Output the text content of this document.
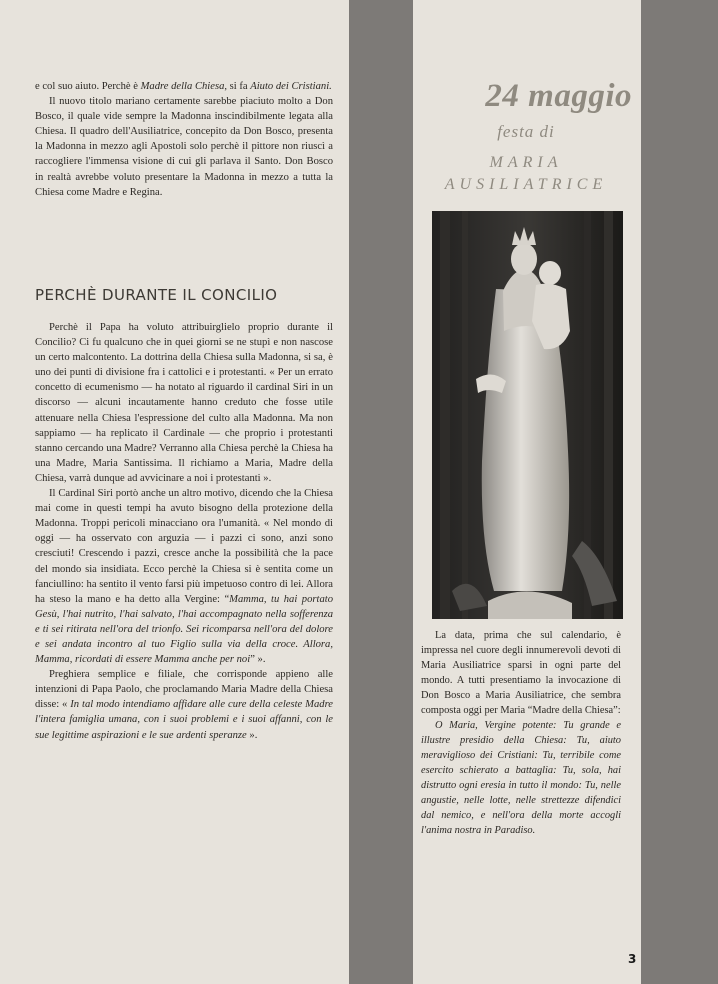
e col suo aiuto. Perchè è Madre della Chiesa, si fa Aiuto dei Cristiani.

Il nuovo titolo mariano certamente sarebbe piaciuto molto a Don Bosco, il quale vide sempre la Madonna inscindibilmente legata alla Chiesa. Il quadro dell'Ausiliatrice, concepito da Don Bosco, presenta la Madonna in mezzo agli Apostoli solo perchè il pittore non riuscì a raccogliere l'immensa visione di cui gli parlava il Santo. Don Bosco in realtà avrebbe voluto presentare la Madonna in mezzo a tutta la Chiesa come Madre e Regina.

PERCHÈ DURANTE IL CONCILIO

Perchè il Papa ha voluto attribuirglielo proprio durante il Concilio? Ci fu qualcuno che in quei giorni se ne stupì e non nascose un certo malcontento. La dottrina della Chiesa sulla Madonna, si sa, è uno dei punti di divisione fra i cattolici e i protestanti. « Per un errato concetto di ecumenismo — ha notato al riguardo il cardinal Siri in un discorso — alcuni incautamente hanno creduto che fosse utile attenuare nella Chiesa l'espressione del culto alla Madonna. Ma non sappiamo — ha replicato il Cardinale — che proprio i protestanti stanno cercando una Madre? Verranno alla Chiesa perchè la Chiesa ha una Madre, Maria Santissima. Il richiamo a Maria, Madre della Chiesa, varrà dunque ad avvicinare a noi i protestanti ».

Il Cardinal Siri portò anche un altro motivo, dicendo che la Chiesa mai come in questi tempi ha avuto bisogno della protezione della Madonna. Troppi pericoli minacciano ora l'umanità. « Nel mondo di oggi — ha osservato con arguzia — i pazzi ci sono, anzi sono cresciuti! Crescendo i pazzi, cresce anche la possibilità che la pace del mondo sia insidiata. Ecco perchè la Chiesa si è sentita come un fanciullino: ha sentito il vento farsi più impetuoso contro di lei. Allora ha steso la mano e ha detto alla Vergine: “Mamma, tu hai portato Gesù, l'hai nutrito, l'hai salvato, l'hai accompagnato nella sofferenza e ti sei ritirata nell'ora del trionfo. Sei ricomparsa nell'ora del dolore e sei andata incontro al tuo Figlio sulla via della croce. Allora, Mamma, ricordati di essere Mamma anche per noi” ».

Preghiera semplice e filiale, che corrisponde appieno alle intenzioni di Papa Paolo, che proclamando Maria Madre della Chiesa disse: « In tal modo intendiamo affidare alle cure della celeste Madre l'intera famiglia umana, con i suoi problemi e i suoi affanni, con le sue legittime aspirazioni e le sue ardenti speranze ».

24 maggio

festa di

MARIA
AUSILIATRICE

La data, prima che sul calendario, è impressa nel cuore degli innumerevoli devoti di Maria Ausiliatrice sparsi in ogni parte del mondo. A tutti presentiamo la invocazione di Don Bosco a Maria Ausiliatrice, che sembra composta oggi per Maria “Madre della Chiesa”:

O Maria, Vergine potente: Tu grande e illustre presidio della Chiesa: Tu, aiuto meraviglioso dei Cristiani: Tu, terribile come esercito schierato a battaglia: Tu, sola, hai distrutto ogni eresia in tutto il mondo: Tu, nelle angustie, nelle lotte, nelle strettezze difendici dal nemico, e nell'ora della morte accogli l'anima nostra in Paradiso.

3
